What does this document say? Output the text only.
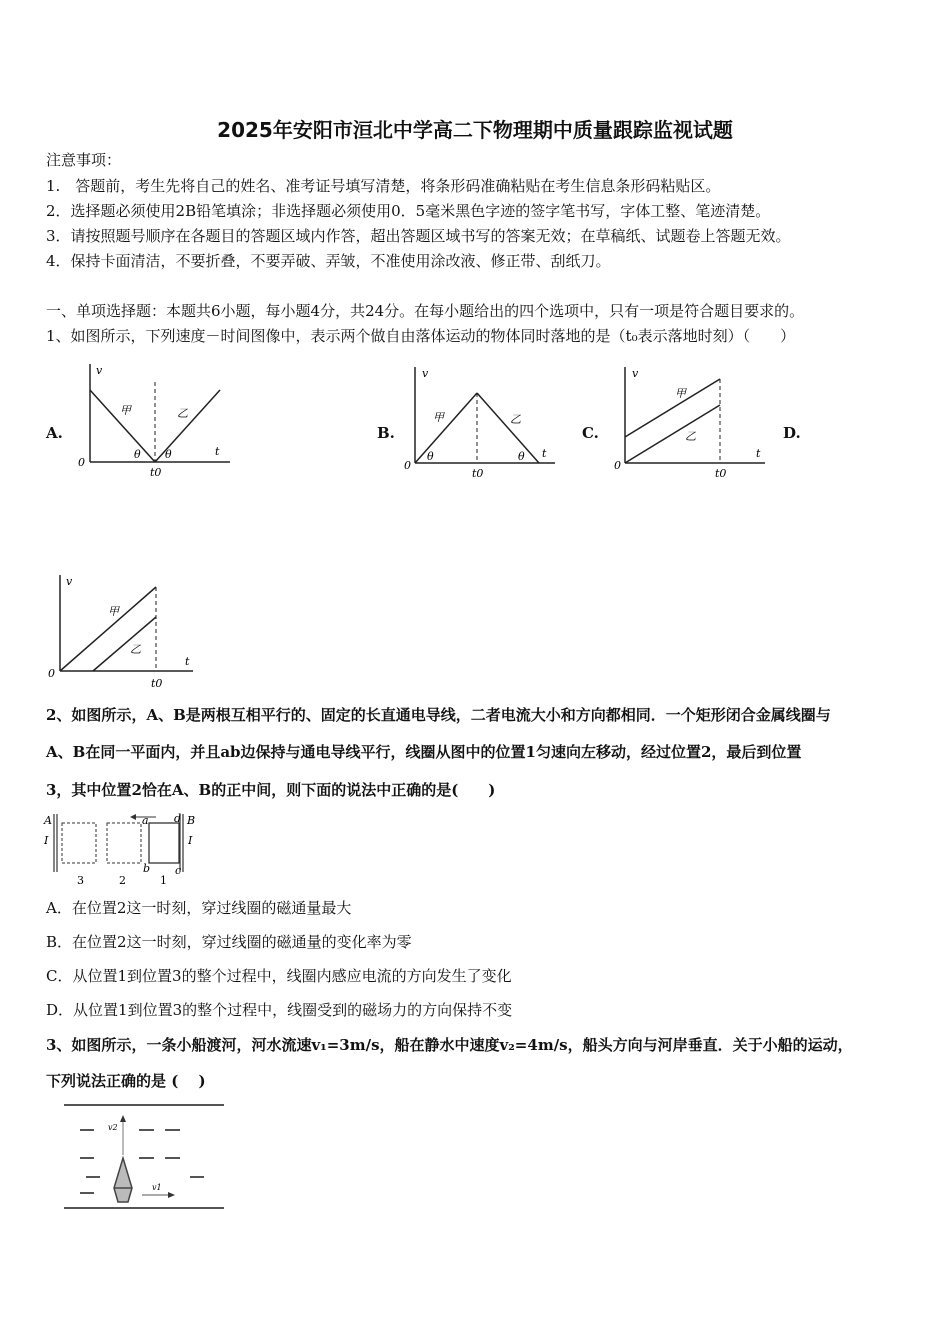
2025年安阳市洹北中学高二下物理期中质量跟踪监视试题
注意事项：
1.　答题前，考生先将自己的姓名、准考证号填写清楚，将条形码准确粘贴在考生信息条形码粘贴区。
2．选择题必须使用2B铅笔填涂；非选择题必须使用0．5毫米黑色字迹的签字笔书写，字体工整、笔迹清楚。
3．请按照题号顺序在各题目的答题区域内作答，超出答题区域书写的答案无效；在草稿纸、试题卷上答题无效。
4．保持卡面清洁，不要折叠，不要弄破、弄皱，不准使用涂改液、修正带、刮纸刀。
一、单项选择题：本题共6小题，每小题4分，共24分。在每小题给出的四个选项中，只有一项是符合题目要求的。
1、如图所示，下列速度－时间图像中，表示两个做自由落体运动的物体同时落地的是（t₀表示落地时刻）（　　）
A.	B.	C.	D.
v
t
0
t0
甲	乙
θ θ
v
t
0
t0
甲	乙
θ	θ
v
t
0
t0
甲
乙
v
t
0
t0
甲
乙
2、如图所示，A、B是两根互相平行的、固定的长直通电导线，二者电流大小和方向都相同．一个矩形闭合金属线圈与
A、B在同一平面内，并且ab边保持与通电导线平行，线圈从图中的位置1匀速向左移动，经过位置2，最后到位置
3，其中位置2恰在A、B的正中间，则下面的说法中正确的是(　　)
A
I
B
I
a d
b c
3	2	1
A．在位置2这一时刻，穿过线圈的磁通量最大
B．在位置2这一时刻，穿过线圈的磁通量的变化率为零
C．从位置1到位置3的整个过程中，线圈内感应电流的方向发生了变化
D．从位置1到位置3的整个过程中，线圈受到的磁场力的方向保持不变
3、如图所示，一条小船渡河，河水流速v₁=3m/s，船在静水中速度v₂=4m/s，船头方向与河岸垂直．关于小船的运动，
下列说法正确的是 (　 )
v2
v1
